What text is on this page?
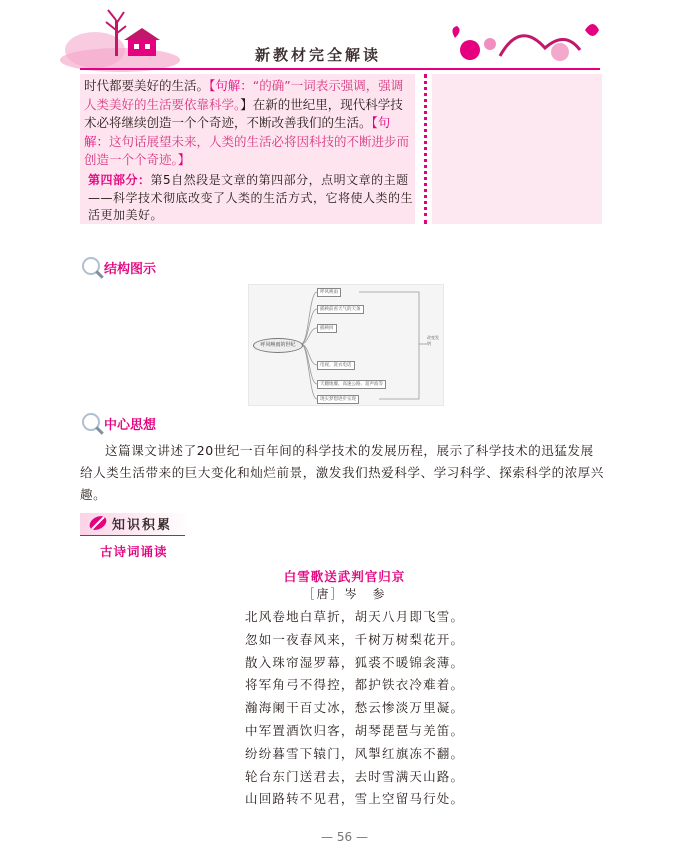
新教材完全解读
时代都要美好的生活。【句解：“的确”一词表示强调，强调人类美好的生活要依靠科学。】在新的世纪里，现代科学技术必将继续创造一个个奇迹，不断改善我们的生活。【句解：这句话展望未来，人类的生活必将因科技的不断进步而创造一个个奇迹。】
第四部分：第5自然段是文章的第四部分，点明文章的主题——科学技术彻底改变了人类的生活方式，它将使人类的生活更加美好。
结构图示
呼风唤雨的世纪
呼风唤雨
插秧前看天气的天条
插秧回
电视、洗衣电话
天翻地覆、高速公路、超声波等
现实梦想逐步实现
改变发明
中心思想
这篇课文讲述了20世纪一百年间的科学技术的发展历程，展示了科学技术的迅猛发展给人类生活带来的巨大变化和灿烂前景，激发我们热爱科学、学习科学、探索科学的浓厚兴趣。
知识积累
古诗词诵读
白雪歌送武判官归京
［唐］岑　参
北风卷地白草折，胡天八月即飞雪。
忽如一夜春风来，千树万树梨花开。
散入珠帘湿罗幕，狐裘不暖锦衾薄。
将军角弓不得控，都护铁衣冷难着。
瀚海阑干百丈冰，愁云惨淡万里凝。
中军置酒饮归客，胡琴琵琶与羌笛。
纷纷暮雪下辕门，风掣红旗冻不翻。
轮台东门送君去，去时雪满天山路。
山回路转不见君，雪上空留马行处。
— 56 —
